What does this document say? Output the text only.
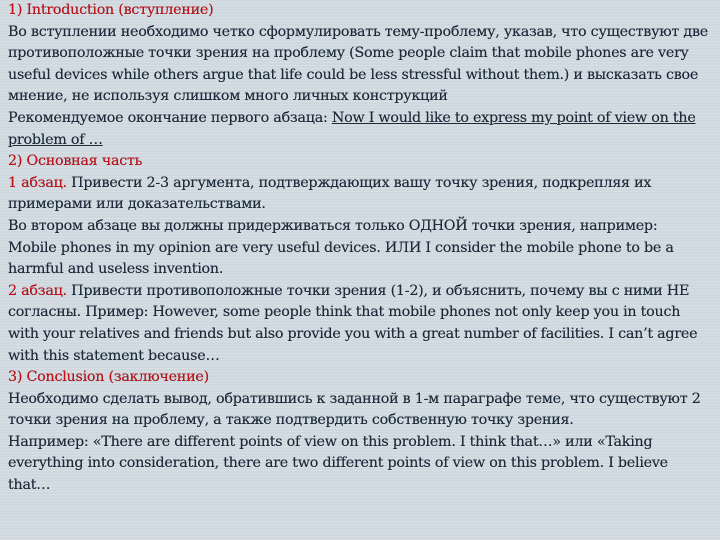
1) Introduction (вступление)

Во вступлении необходимо четко сформулировать тему-проблему, указав, что существуют две противоположные точки зрения на проблему (Some people claim that mobile phones are very useful devices while others argue that life could be less stressful without them.) и высказать свое мнение, не используя слишком много личных конструкций

Рекомендуемое окончание первого абзаца: Now I would like to express my point of view on the problem of …

2) Основная часть

1 абзац. Привести 2-3 аргумента, подтверждающих вашу точку зрения, подкрепляя их примерами или доказательствами.

Во втором абзаце вы должны придерживаться только ОДНОЙ точки зрения, например: Mobile phones in my opinion are very useful devices. ИЛИ I consider the mobile phone to be a harmful and useless invention.

2 абзац. Привести противоположные точки зрения (1-2), и объяснить, почему вы с ними НЕ согласны. Пример: However, some people think that mobile phones not only keep you in touch with your relatives and friends but also provide you with a great number of facilities. I can’t agree with this statement because…

3) Conclusion (заключение)

Необходимо сделать вывод, обратившись к заданной в 1-м параграфе теме, что существуют 2 точки зрения на проблему, а также подтвердить собственную точку зрения.

Например: «There are different points of view on this problem. I think that…» или «Taking everything into consideration, there are two different points of view on this problem. I believe that…
